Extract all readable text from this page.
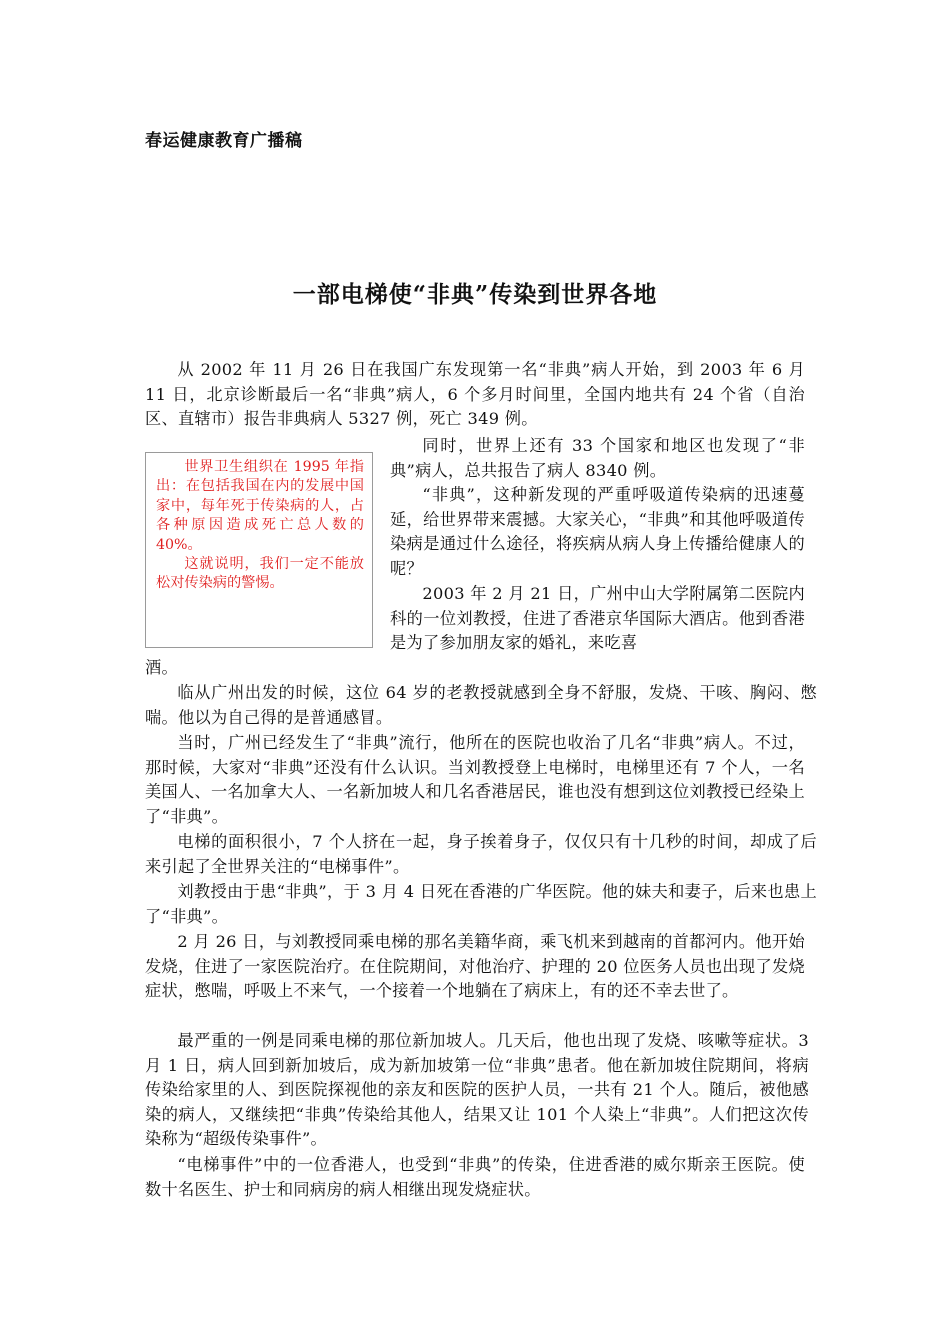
春运健康教育广播稿
一部电梯使“非典”传染到世界各地

从 2002 年 11 月 26 日在我国广东发现第一名“非典”病人开始，到 2003 年 6 月 11 日，北京诊断最后一名“非典”病人，6 个多月时间里，全国内地共有 24 个省（自治区、直辖市）报告非典病人 5327 例，死亡 349 例。

世界卫生组织在 1995 年指出：在包括我国在内的发展中国家中，每年死于传染病的人，占各种原因造成死亡总人数的 40%。

这就说明，我们一定不能放松对传染病的警惕。

同时，世界上还有 33 个国家和地区也发现了“非典”病人，总共报告了病人 8340 例。

“非典”，这种新发现的严重呼吸道传染病的迅速蔓延，给世界带来震撼。大家关心，“非典”和其他呼吸道传染病是通过什么途径，将疾病从病人身上传播给健康人的呢？

2003 年 2 月 21 日，广州中山大学附属第二医院内科的一位刘教授，住进了香港京华国际大酒店。他到香港是为了参加朋友家的婚礼，来吃喜

酒。

临从广州出发的时候，这位 64 岁的老教授就感到全身不舒服，发烧、干咳、胸闷、憋喘。他以为自己得的是普通感冒。

当时，广州已经发生了“非典”流行，他所在的医院也收治了几名“非典”病人。不过，那时候，大家对“非典”还没有什么认识。当刘教授登上电梯时，电梯里还有 7 个人，一名美国人、一名加拿大人、一名新加坡人和几名香港居民，谁也没有想到这位刘教授已经染上了“非典”。

电梯的面积很小，7 个人挤在一起，身子挨着身子，仅仅只有十几秒的时间，却成了后来引起了全世界关注的“电梯事件”。

刘教授由于患“非典”，于 3 月 4 日死在香港的广华医院。他的妹夫和妻子，后来也患上了“非典”。

2 月 26 日，与刘教授同乘电梯的那名美籍华商，乘飞机来到越南的首都河内。他开始发烧，住进了一家医院治疗。在住院期间，对他治疗、护理的 20 位医务人员也出现了发烧症状，憋喘，呼吸上不来气，一个接着一个地躺在了病床上，有的还不幸去世了。

最严重的一例是同乘电梯的那位新加坡人。几天后，他也出现了发烧、咳嗽等症状。3 月 1 日，病人回到新加坡后，成为新加坡第一位“非典”患者。他在新加坡住院期间，将病传染给家里的人、到医院探视他的亲友和医院的医护人员，一共有 21 个人。随后，被他感染的病人，又继续把“非典”传染给其他人，结果又让 101 个人染上“非典”。人们把这次传染称为“超级传染事件”。

“电梯事件”中的一位香港人，也受到“非典”的传染，住进香港的威尔斯亲王医院。使数十名医生、护士和同病房的病人相继出现发烧症状。
